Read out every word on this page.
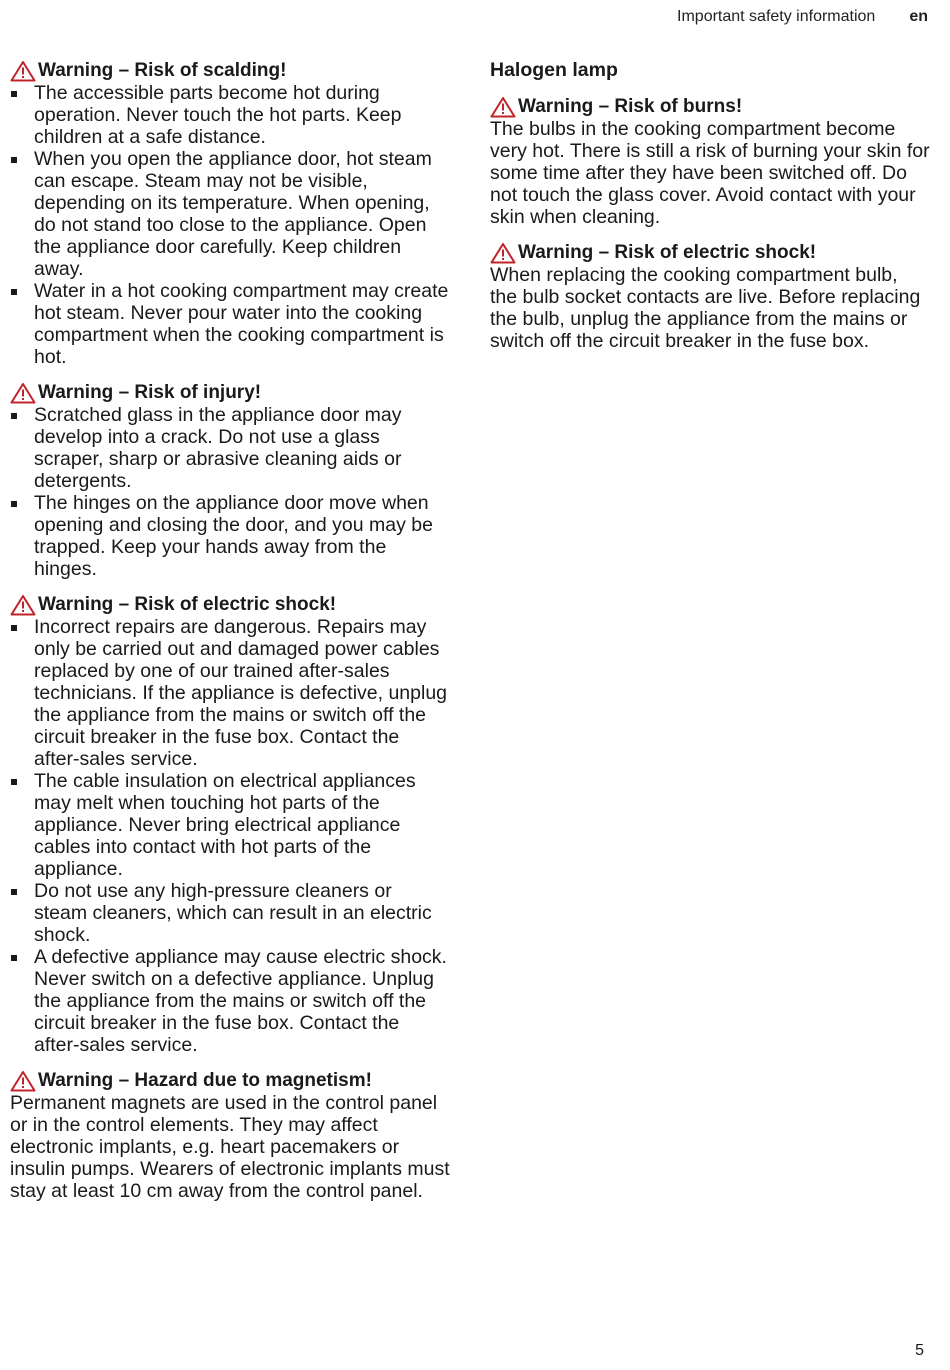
Important safety information en
Warning – Risk of scalding!
The accessible parts become hot during operation. Never touch the hot parts. Keep children at a safe distance.
When you open the appliance door, hot steam can escape. Steam may not be visible, depending on its temperature. When opening, do not stand too close to the appliance. Open the appliance door carefully. Keep children away.
Water in a hot cooking compartment may create hot steam. Never pour water into the cooking compartment when the cooking compartment is hot.
Warning – Risk of injury!
Scratched glass in the appliance door may develop into a crack. Do not use a glass scraper, sharp or abrasive cleaning aids or detergents.
The hinges on the appliance door move when opening and closing the door, and you may be trapped. Keep your hands away from the hinges.
Warning – Risk of electric shock!
Incorrect repairs are dangerous. Repairs may only be carried out and damaged power cables replaced by one of our trained after-sales technicians. If the appliance is defective, unplug the appliance from the mains or switch off the circuit breaker in the fuse box. Contact the after-sales service.
The cable insulation on electrical appliances may melt when touching hot parts of the appliance. Never bring electrical appliance cables into contact with hot parts of the appliance.
Do not use any high-pressure cleaners or steam cleaners, which can result in an electric shock.
A defective appliance may cause electric shock. Never switch on a defective appliance. Unplug the appliance from the mains or switch off the circuit breaker in the fuse box. Contact the after-sales service.
Warning – Hazard due to magnetism!

Permanent magnets are used in the control panel or in the control elements. They may affect electronic implants, e.g. heart pacemakers or insulin pumps. Wearers of electronic implants must stay at least 10 cm away from the control panel.

Halogen lamp

Warning – Risk of burns!

The bulbs in the cooking compartment become very hot. There is still a risk of burning your skin for some time after they have been switched off. Do not touch the glass cover. Avoid contact with your skin when cleaning.

Warning – Risk of electric shock!

When replacing the cooking compartment bulb, the bulb socket contacts are live. Before replacing the bulb, unplug the appliance from the mains or switch off the circuit breaker in the fuse box.

5
